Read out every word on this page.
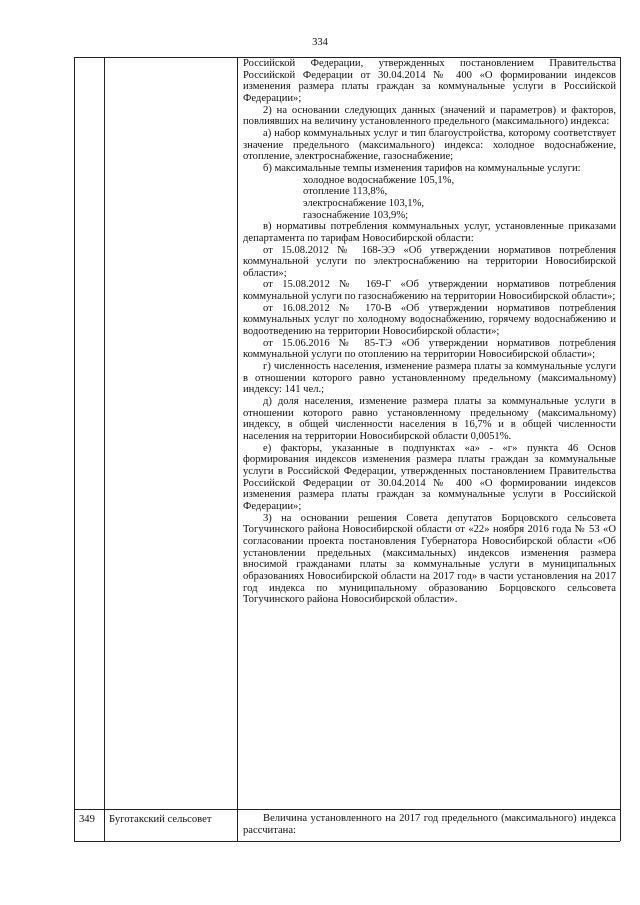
334

Российской Федерации, утвержденных постановлением Правительства Российской Федерации от 30.04.2014 № 400 «О формировании индексов изменения размера платы граждан за коммунальные услуги в Российской Федерации»;

2) на основании следующих данных (значений и параметров) и факторов, повлиявших на величину установленного предельного (максимального) индекса:

а) набор коммунальных услуг и тип благоустройства, которому соответствует значение предельного (максимального) индекса: холодное водоснабжение, отопление, электроснабжение, газоснабжение;

б) максимальные темпы изменения тарифов на коммунальные услуги:

холодное водоснабжение 105,1%,

отопление 113,8%,

электроснабжение 103,1%,

газоснабжение 103,9%;

в) нормативы потребления коммунальных услуг, установленные приказами департамента по тарифам Новосибирской области:

от 15.08.2012 № 168-ЭЭ «Об утверждении нормативов потребления коммунальной услуги по электроснабжению на территории Новосибирской области»;

от 15.08.2012 № 169-Г «Об утверждении нормативов потребления коммунальной услуги по газоснабжению на территории Новосибирской области»;

от 16.08.2012 № 170-В «Об утверждении нормативов потребления коммунальных услуг по холодному водоснабжению, горячему водоснабжению и водоотведению на территории Новосибирской области»;

от 15.06.2016 № 85-ТЭ «Об утверждении нормативов потребления коммунальной услуги по отоплению на территории Новосибирской области»;

г) численность населения, изменение размера платы за коммунальные услуги в отношении которого равно установленному предельному (максимальному) индексу: 141 чел.;

д) доля населения, изменение размера платы за коммунальные услуги в отношении которого равно установленному предельному (максимальному) индексу, в общей численности населения в 16,7% и в общей численности населения на территории Новосибирской области 0,0051%.

е) факторы, указанные в подпунктах «а» - «г» пункта 46 Основ формирования индексов изменения размера платы граждан за коммунальные услуги в Российской Федерации, утвержденных постановлением Правительства Российской Федерации от 30.04.2014 № 400 «О формировании индексов изменения размера платы граждан за коммунальные услуги в Российской Федерации»;

3) на основании решения Совета депутатов Борцовского сельсовета Тогучинского района Новосибирской области от «22» ноября 2016 года № 53 «О согласовании проекта постановления Губернатора Новосибирской области «Об установлении предельных (максимальных) индексов изменения размера вносимой гражданами платы за коммунальные услуги в муниципальных образованиях Новосибирской области на 2017 год» в части установления на 2017 год индекса по муниципальному образованию Борцовского сельсовета Тогучинского района Новосибирской области».

349 Буготакский сельсовет	Величина установленного на 2017 год предельного (максимального) индекса рассчитана:
